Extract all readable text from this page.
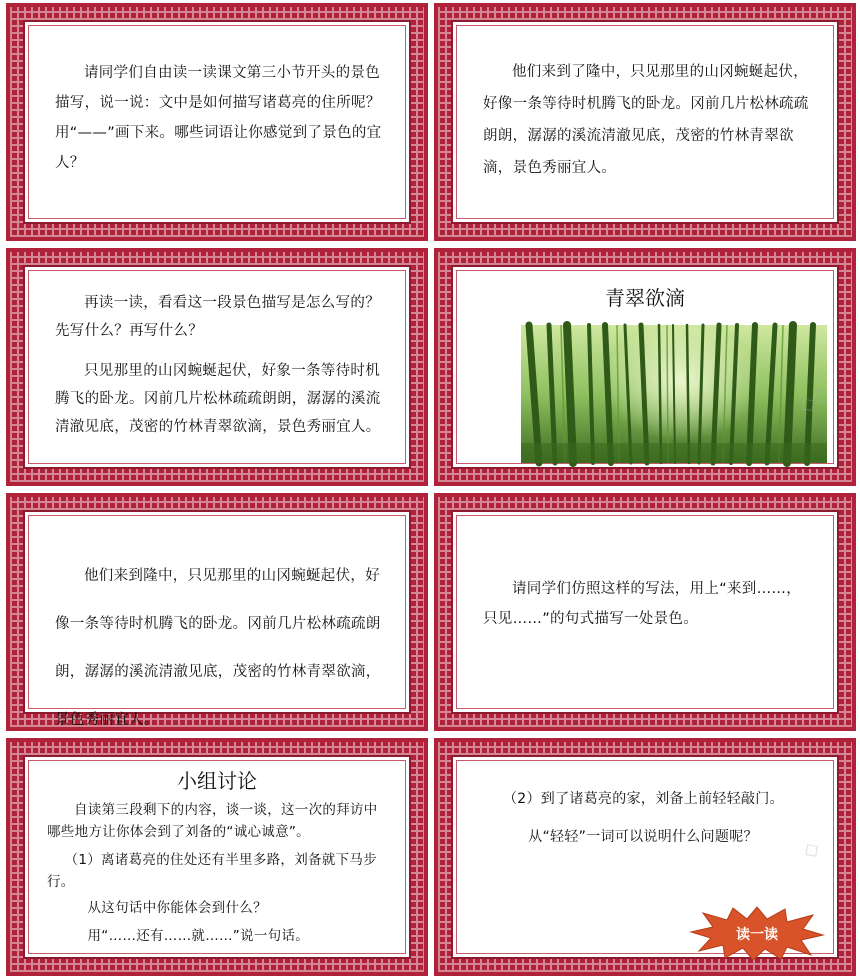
请同学们自由读一读课文第三小节开头的景色描写，说一说：文中是如何描写诸葛亮的住所呢？用“——”画下来。哪些词语让你感觉到了景色的宜人？

他们来到了隆中，只见那里的山冈蜿蜒起伏，好像一条等待时机腾飞的卧龙。冈前几片松林疏疏朗朗，潺潺的溪流清澈见底，茂密的竹林青翠欲滴，景色秀丽宜人。

再读一读，看看这一段景色描写是怎么写的？先写什么？再写什么？

只见那里的山冈蜿蜒起伏，好象一条等待时机腾飞的卧龙。冈前几片松林疏疏朗朗，潺潺的溪流清澈见底，茂密的竹林青翠欲滴，景色秀丽宜人。

青翠欲滴
◇◇

他们来到隆中，只见那里的山冈蜿蜒起伏，好像一条等待时机腾飞的卧龙。冈前几片松林疏疏朗朗，潺潺的溪流清澈见底，茂密的竹林青翠欲滴，景色秀丽宜人。

请同学们仿照这样的写法，用上“来到……，只见……”的句式描写一处景色。

小组讨论

自读第三段剩下的内容，谈一谈，这一次的拜访中哪些地方让你体会到了刘备的“诚心诚意”。

（1）离诸葛亮的住处还有半里多路，刘备就下马步行。

从这句话中你能体会到什么？

用“……还有……就……”说一句话。

（2）到了诸葛亮的家，刘备上前轻轻敲门。

从“轻轻”一词可以说明什么问题呢？

读一读
◇
